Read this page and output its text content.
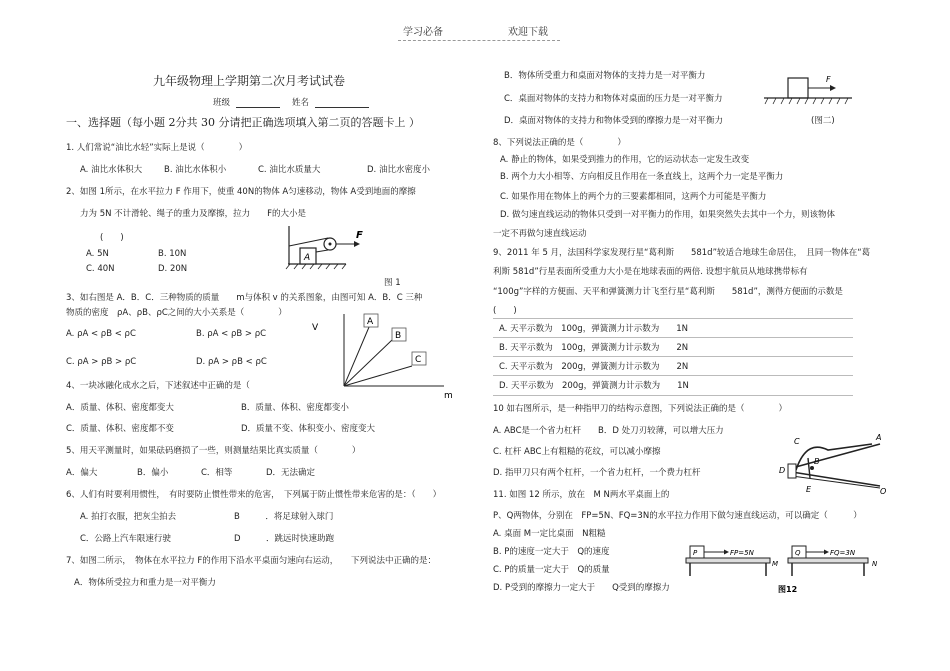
学习必备	欢迎下载
九年级物理上学期第二次月考试试卷
班级	姓名
一、选择题（每小题 2分共 30 分请把正确选项填入第二页的答题卡上 ）
1. 人们常说“油比水轻”实际上是说（　　　　）
A. 油比水体积大	B. 油比水体积小	C. 油比水质量大	D. 油比水密度小
2、如图 1所示，在水平拉力 F 作用下，使重 40N的物体 A匀速移动，物体 A受到地面的摩擦
力为 5N 不计滑轮、绳子的重力及摩擦，拉力　　F的大小是
(　　)
A. 5N	B. 10N
C. 40N	D. 20N
A
F
图 1
3、如右图是 A．B．C．三种物质的质量　　m与体积 v 的关系图象，由图可知 A．B．C 三种
物质的密度　ρA、ρB、ρC之间的大小关系是（　　　　）
A. ρA < ρB < ρC	B. ρA < ρB > ρC
C. ρA > ρB > ρC	D. ρA > ρB < ρC
V
A
B
C
m
4、一块冰融化成水之后，下述叙述中正确的是（
A．质量、体积、密度都变大	B．质量、体积、密度都变小
C．质量、体积、密度都不变	D．质量不变、体积变小、密度变大
5、用天平测量时，如果砝码磨损了一些，则测量结果比真实质量（　　　　）
A．偏大	B．偏小	C．相等	D．无法确定
6、人们有时要利用惯性，　有时要防止惯性带来的危害，　下列属于防止惯性带来危害的是：（　　）
A. 拍打衣服，把灰尘拍去	B　　　．将足球射入球门
C．公路上汽车限速行驶	D　　　．跳远时快速助跑
7、如图二所示，　物体在水平拉力 F的作用下沿水平桌面匀速向右运动，　　下列说法中正确的是：
A．物体所受拉力和重力是一对平衡力
B．物体所受重力和桌面对物体的支持力是一对平衡力
C．桌面对物体的支持力和物体对桌面的压力是一对平衡力
D．桌面对物体的支持力和物体受到的摩擦力是一对平衡力
F
(图二)
8、下列说法正确的是（　　　　）
A. 静止的物体，如果受到推力的作用，它的运动状态一定发生改变
B. 两个力大小相等、方向相反且作用在一条直线上，这两个力一定是平衡力
C. 如果作用在物体上的两个力的三要素都相同，这两个力可能是平衡力
D. 做匀速直线运动的物体只受到一对平衡力的作用，如果突然失去其中一个力，则该物体
一定不再做匀速直线运动
9、2011 年 5 月，法国科学家发现行星“葛利斯　　581d”较适合地球生命居住，　且同一物体在“葛
利斯 581d”行星表面所受重力大小是在地球表面的两倍. 设想宇航员从地球携带标有
“100g”字样的方便面、天平和弹簧测力计飞至行星“葛利斯　　581d”，测得方便面的示数是
(　　)
A. 天平示数为　100g，弹簧测力计示数为　　1N
B. 天平示数为　100g，弹簧测力计示数为　　2N
C. 天平示数为　200g，弹簧测力计示数为　　2N
D. 天平示数为　200g，弹簧测力计示数为　　1N
10 如右图所示，是一种指甲刀的结构示意图，下列说法正确的是（　　　　）
A. ABC是一个省力杠杆　　B．D 处刀刃较薄，可以增大压力
C. 杠杆 ABC上有粗糙的花纹，可以减小摩擦
D. 指甲刀只有两个杠杆，一个省力杠杆，一个费力杠杆
C	A
B
D
E	O
11. 如图 12 所示，放在　M N两水平桌面上的
P、Q两物体，分别在　FP=5N、FQ=3N的水平拉力作用下做匀速直线运动，可以确定（　　　）
A. 桌面 M一定比桌面　N粗糙
B. P的速度一定大于　Q的速度
C. P的质量一定大于　Q的质量
D. P受到的摩擦力一定大于　　Q受到的摩擦力
P	FP=5N
M
Q	FQ=3N
N
图12
